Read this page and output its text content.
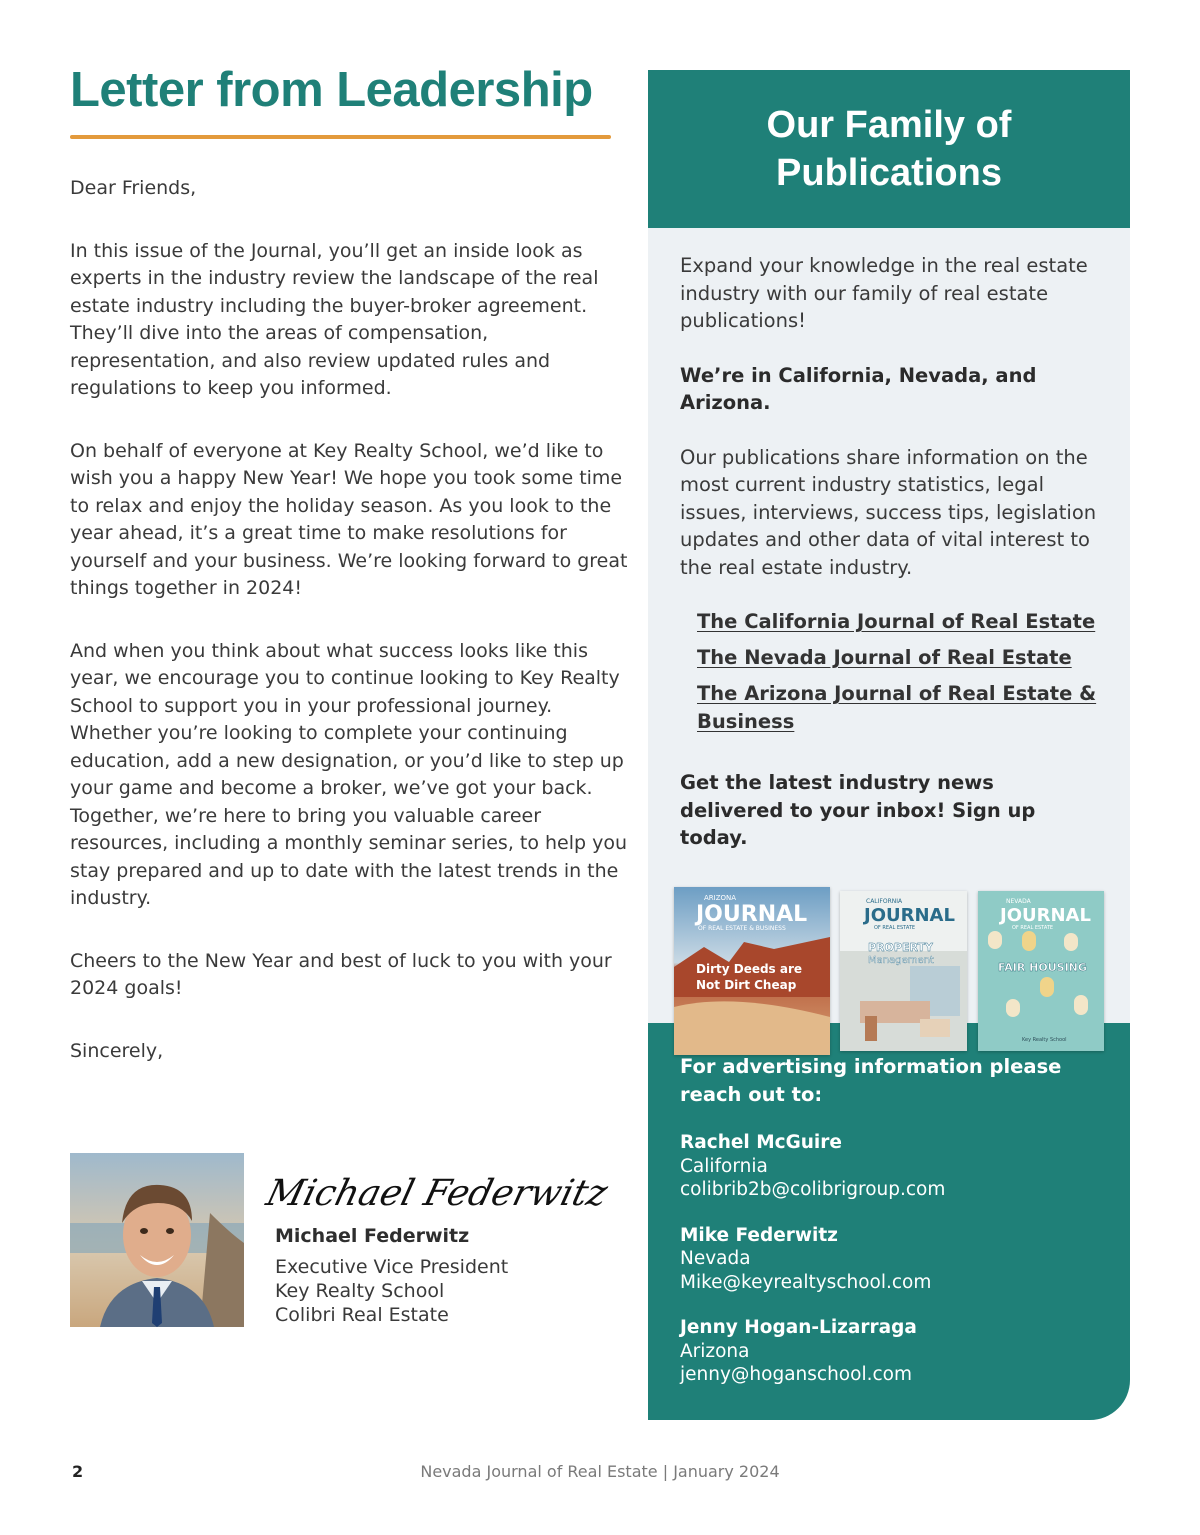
Letter from Leadership

Dear Friends,

In this issue of the Journal, you’ll get an inside look as experts in the industry review the landscape of the real estate industry including the buyer-broker agreement. They’ll dive into the areas of compensation, representation, and also review updated rules and regulations to keep you informed.

On behalf of everyone at Key Realty School, we’d like to wish you a happy New Year! We hope you took some time to relax and enjoy the holiday season. As you look to the year ahead, it’s a great time to make resolutions for yourself and your business. We’re looking forward to great things together in 2024!

And when you think about what success looks like this year, we encourage you to continue looking to Key Realty School to support you in your professional journey. Whether you’re looking to complete your continuing education, add a new designation, or you’d like to step up your game and become a broker, we’ve got your back. Together, we’re here to bring you valuable career resources, including a monthly seminar series, to help you stay prepared and up to date with the latest trends in the industry.

Cheers to the New Year and best of luck to you with your 2024 goals!

Sincerely,

Michael Federwitz
Michael Federwitz
Executive Vice President
Key Realty School
Colibri Real Estate
Our Family of
Publications

Expand your knowledge in the real estate industry with our family of real estate publications!

We’re in California, Nevada, and Arizona.

Our publications share information on the most current industry statistics, legal issues, interviews, success tips, legislation updates and other data of vital interest to the real estate industry.

The California Journal of Real Estate
The Nevada Journal of Real Estate
The Arizona Journal of Real Estate & Business

Get the latest industry news delivered to your inbox! Sign up today.

ARIZONA
JOURNAL
OF REAL ESTATE & BUSINESS
Dirty Deeds are
Not Dirt Cheap
CALIFORNIA
JOURNAL
OF REAL ESTATE
PROPERTY
Management
NEVADA
JOURNAL
OF REAL ESTATE
FAIR HOUSING
Key Realty School

For advertising information please reach out to:

Rachel McGuire
California
colibrib2b@colibrigroup.com
Mike Federwitz
Nevada
Mike@keyrealtyschool.com
Jenny Hogan-Lizarraga
Arizona
jenny@hoganschool.com
Nevada Journal of Real Estate | January 2024
2
